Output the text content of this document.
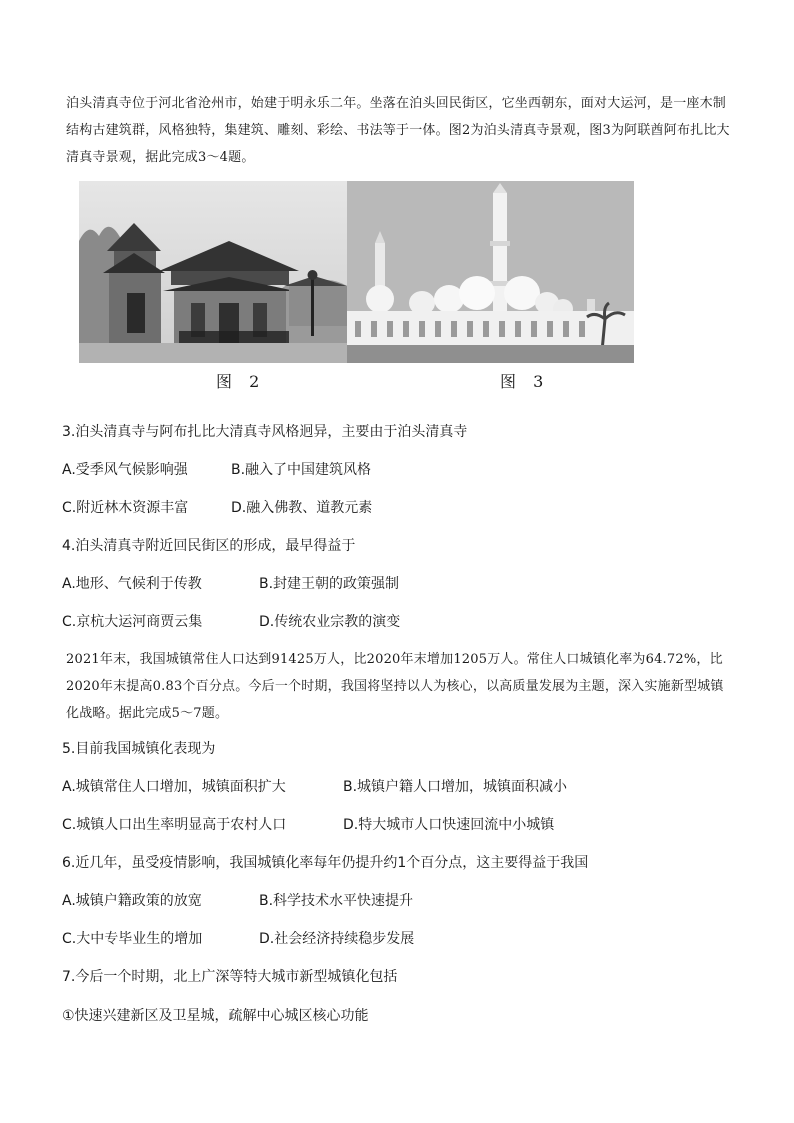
泊头清真寺位于河北省沧州市，始建于明永乐二年。坐落在泊头回民街区，它坐西朝东，面对大运河，是一座木制结构古建筑群，风格独特，集建筑、雕刻、彩绘、书法等于一体。图2为泊头清真寺景观，图3为阿联酋阿布扎比大清真寺景观，据此完成3～4题。

图 2	图 3

3.泊头清真寺与阿布扎比大清真寺风格迥异，主要由于泊头清真寺

A.受季风气候影响强	B.融入了中国建筑风格

C.附近林木资源丰富	D.融入佛教、道教元素

4.泊头清真寺附近回民街区的形成，最早得益于

A.地形、气候利于传教	B.封建王朝的政策强制

C.京杭大运河商贾云集	D.传统农业宗教的演变

2021年末，我国城镇常住人口达到91425万人，比2020年末增加1205万人。常住人口城镇化率为64.72%，比2020年末提高0.83个百分点。今后一个时期，我国将坚持以人为核心，以高质量发展为主题，深入实施新型城镇化战略。据此完成5～7题。

5.目前我国城镇化表现为

A.城镇常住人口增加，城镇面积扩大	B.城镇户籍人口增加，城镇面积减小

C.城镇人口出生率明显高于农村人口	D.特大城市人口快速回流中小城镇

6.近几年，虽受疫情影响，我国城镇化率每年仍提升约1个百分点，这主要得益于我国

A.城镇户籍政策的放宽	B.科学技术水平快速提升

C.大中专毕业生的增加	D.社会经济持续稳步发展

7.今后一个时期，北上广深等特大城市新型城镇化包括

①快速兴建新区及卫星城，疏解中心城区核心功能
